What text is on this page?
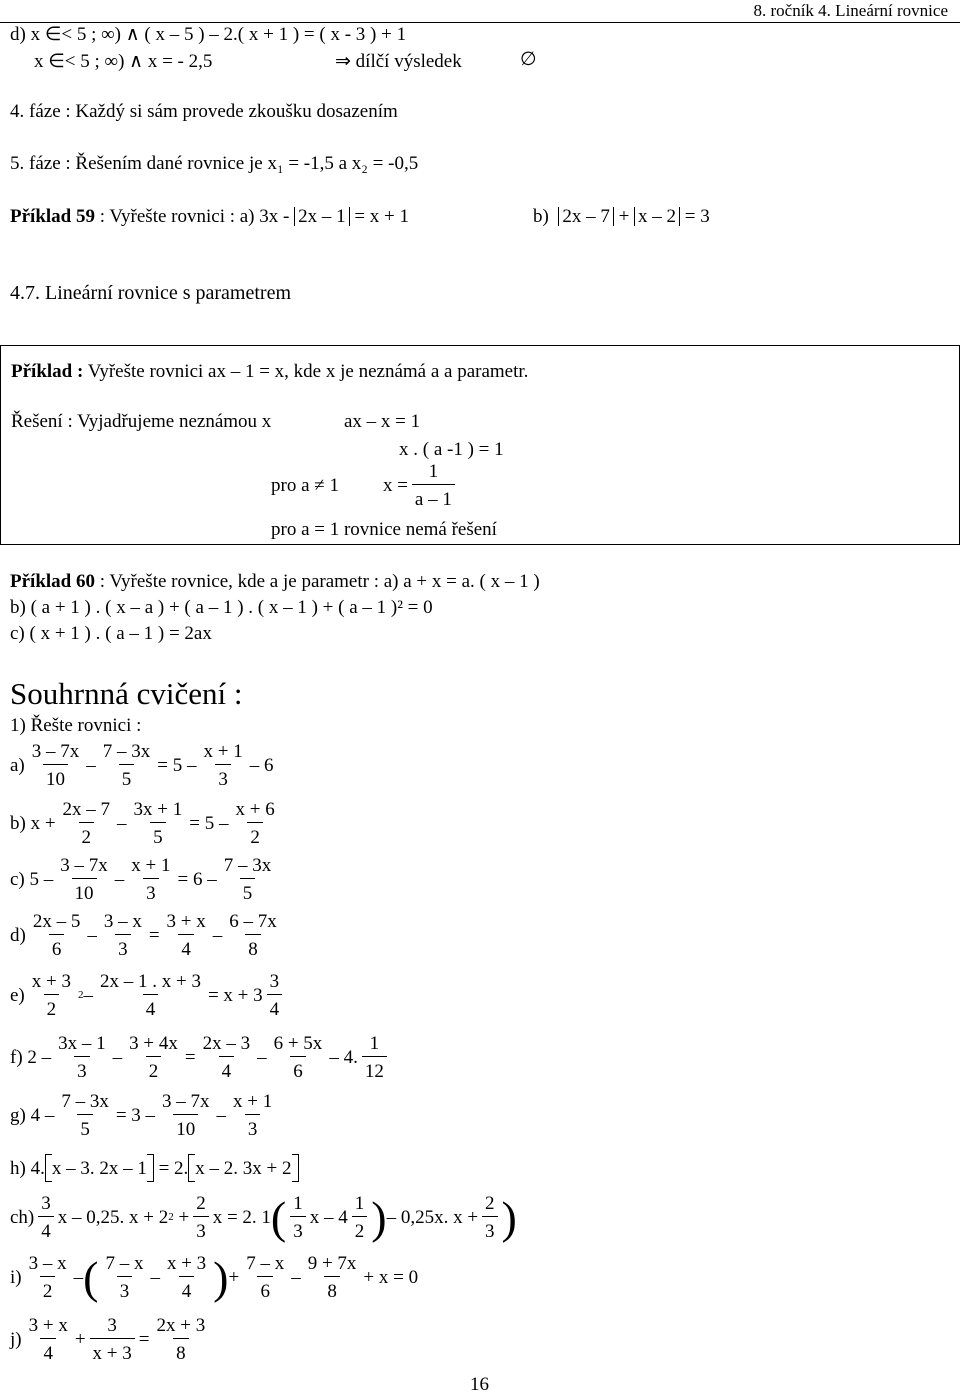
8. ročník 4. Lineární rovnice
d) x ∈< 5 ; ∞) ∧ ( x – 5 ) – 2.( x + 1 ) = ( x - 3 ) + 1
x ∈< 5 ; ∞) ∧ x = - 2,5	⇒ dílčí výsledek	∅
4. fáze : Každý si sám provede zkoušku dosazením
5. fáze : Řešením dané rovnice je x₁ = -1,5 a x₂ = -0,5
Příklad 59
: Vyřešte rovnici : a) 3x -
2x – 1
= x + 1	b)
2x – 7
+
x – 2
= 3
4.7. Lineární rovnice s parametrem
Příklad : Vyřešte rovnici ax – 1 = x, kde x je neznámá a a parametr.
Řešení : Vyjadřujeme neznámou x	ax – x = 1
x . ( a -1 ) = 1
pro a ≠ 1 $x = \frac{1}{a - 1}$
pro a = 1 rovnice nemá řešení
Příklad 60 : Vyřešte rovnice, kde a je parametr : a) a + x = a. ( x – 1 )
b) ( a + 1 ) . ( x – a ) + ( a – 1 ) . ( x – 1 ) + ( a – 1 )² = 0
c) ( x + 1 ) . ( a – 1 ) = 2ax
Souhrnná cvičení :
1) Řešte rovnici :
$a) \frac{3 - 7x}{10} - \frac{7 - 3x}{5} = 5 - \frac{x + 1}{3} - 6$
b)
$x + \frac{2x - 7}{2} - \frac{3x + 1}{5} = 5 - \frac{x + 6}{2}$
c)
$5 - \frac{3 - 7x}{10} - \frac{x + 1}{3} = 6 - \frac{7 - 3x}{5}$
$d) \frac{2x - 5}{6} - \frac{3 - x}{3} = \frac{3 + x}{4} - \frac{6 - 7x}{8}$
$e) \frac{x + 3}{2} 2 - \frac{2x - 1 . x + 3}{4} = x + 3 \frac{3}{4}$
f)
$2 - \frac{3x - 1}{3} - \frac{3 + 4x}{2} = \frac{2x - 3}{4} - \frac{6 + 5x}{6} - 4$. $\frac{1}{12}$
g)
$4 - \frac{7 - 3x}{5} = 3 - \frac{3 - 7x}{10} - \frac{x + 1}{3}$
h)
4. x – 3. 2x – 1
= 2. x – 2. 3x + 2
$ch) \frac{3}{4}$ x – 0,25. x + 2 2
+ $\frac{2}{3}$ x = 2. 1 ( $\frac{1}{3}$ x – $4 \frac{1}{2}$ ) – 0,25x. $x + \frac{2}{3}$ )
$i) \frac{3 - x}{2}$ – ( $\frac{7 - x}{3} - \frac{x + 3}{4}$ ) + $\frac{7 - x}{6} - \frac{9 + 7x}{8} + x = 0$
$j) \frac{3 + x}{4} + \frac{3}{x + 3} = \frac{2x + 3}{8}$
16
